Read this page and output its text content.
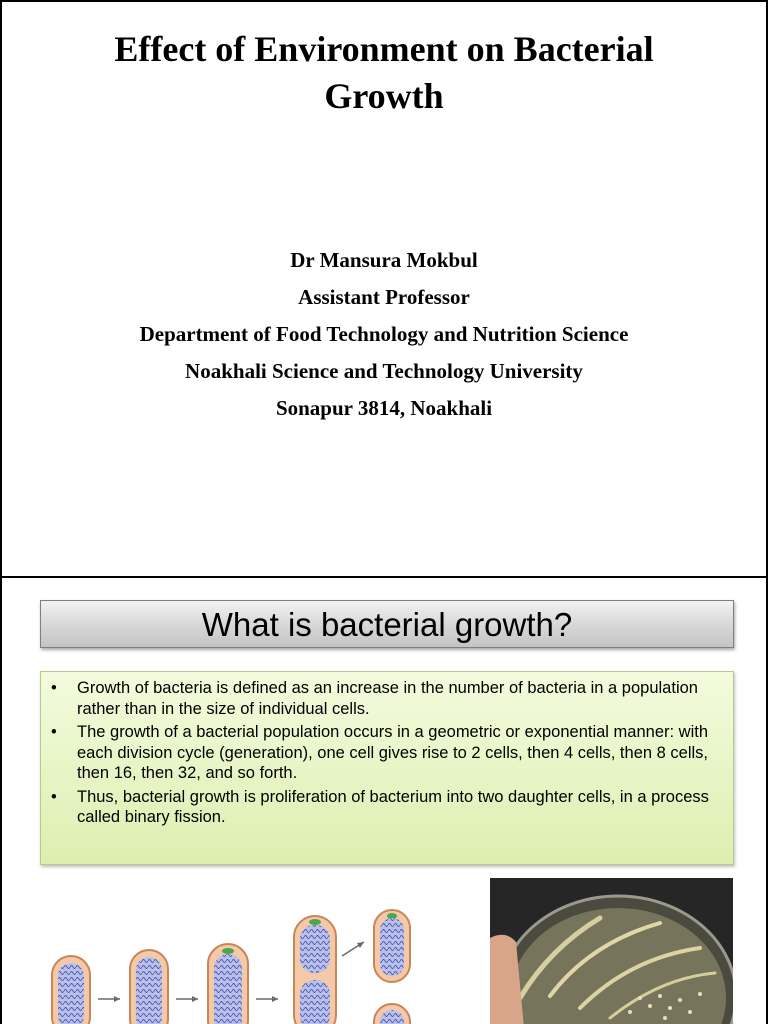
Effect of Environment on Bacterial
Growth
Dr Mansura Mokbul
Assistant Professor
Department of Food Technology and Nutrition Science
Noakhali Science and Technology University
Sonapur 3814, Noakhali
What is bacterial growth?
• Growth of bacteria is defined as an increase in the number of bacteria in a population rather than in the size of individual cells.
• The growth of a bacterial population occurs in a geometric or exponential manner: with each division cycle (generation), one cell gives rise to 2 cells, then 4 cells, then 8 cells, then 16, then 32, and so forth.
• Thus, bacterial growth is proliferation of bacterium into two daughter cells, in a process called binary fission.
